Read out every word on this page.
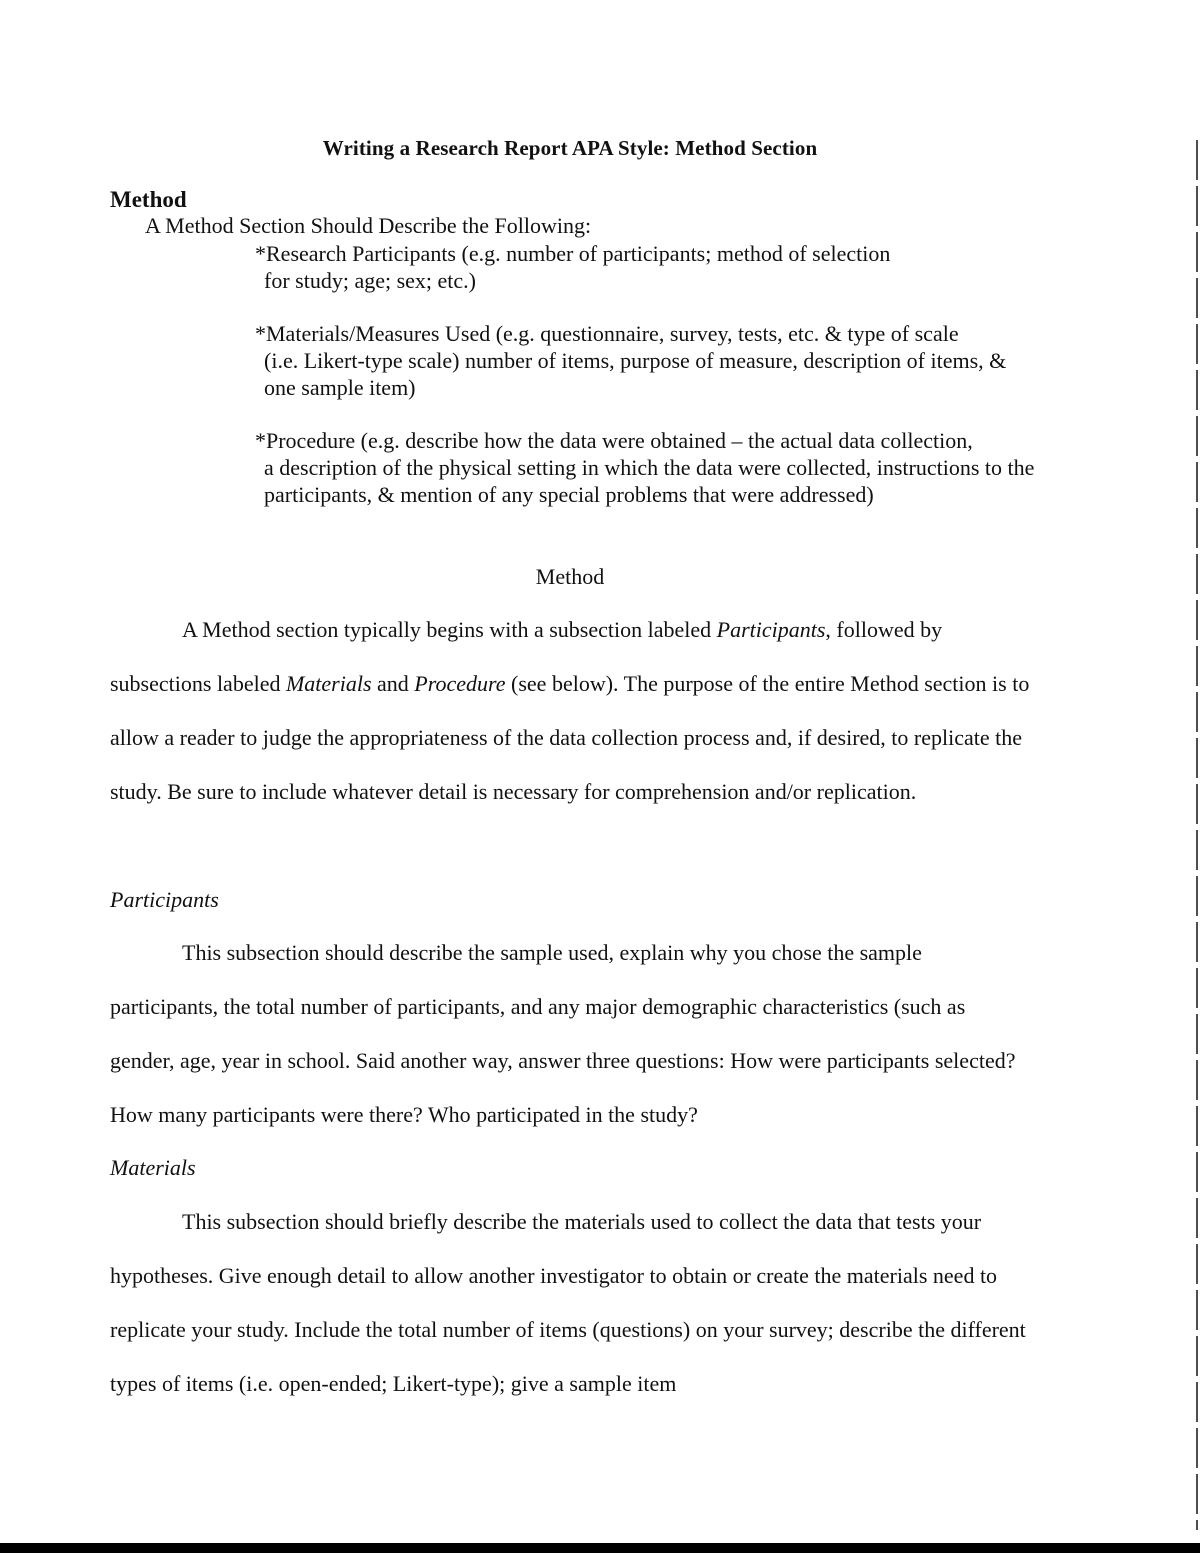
Writing a Research Report APA Style: Method Section
Method
A Method Section Should Describe the Following:
*Research Participants (e.g. number of participants; method of selection
for study; age; sex; etc.)
*Materials/Measures Used (e.g. questionnaire, survey, tests, etc. & type of scale
(i.e. Likert-type scale) number of items, purpose of measure, description of items, & one sample item)
*Procedure (e.g. describe how the data were obtained – the actual data collection,
a description of the physical setting in which the data were collected, instructions to the participants, & mention of any special problems that were addressed)
Method

A Method section typically begins with a subsection labeled Participants, followed by subsections labeled Materials and Procedure (see below). The purpose of the entire Method section is to allow a reader to judge the appropriateness of the data collection process and, if desired, to replicate the study. Be sure to include whatever detail is necessary for comprehension and/or replication.

Participants

This subsection should describe the sample used, explain why you chose the sample participants, the total number of participants, and any major demographic characteristics (such as gender, age, year in school. Said another way, answer three questions: How were participants selected? How many participants were there? Who participated in the study?

Materials

This subsection should briefly describe the materials used to collect the data that tests your hypotheses. Give enough detail to allow another investigator to obtain or create the materials need to replicate your study. Include the total number of items (questions) on your survey; describe the different types of items (i.e. open-ended; Likert-type); give a sample item
